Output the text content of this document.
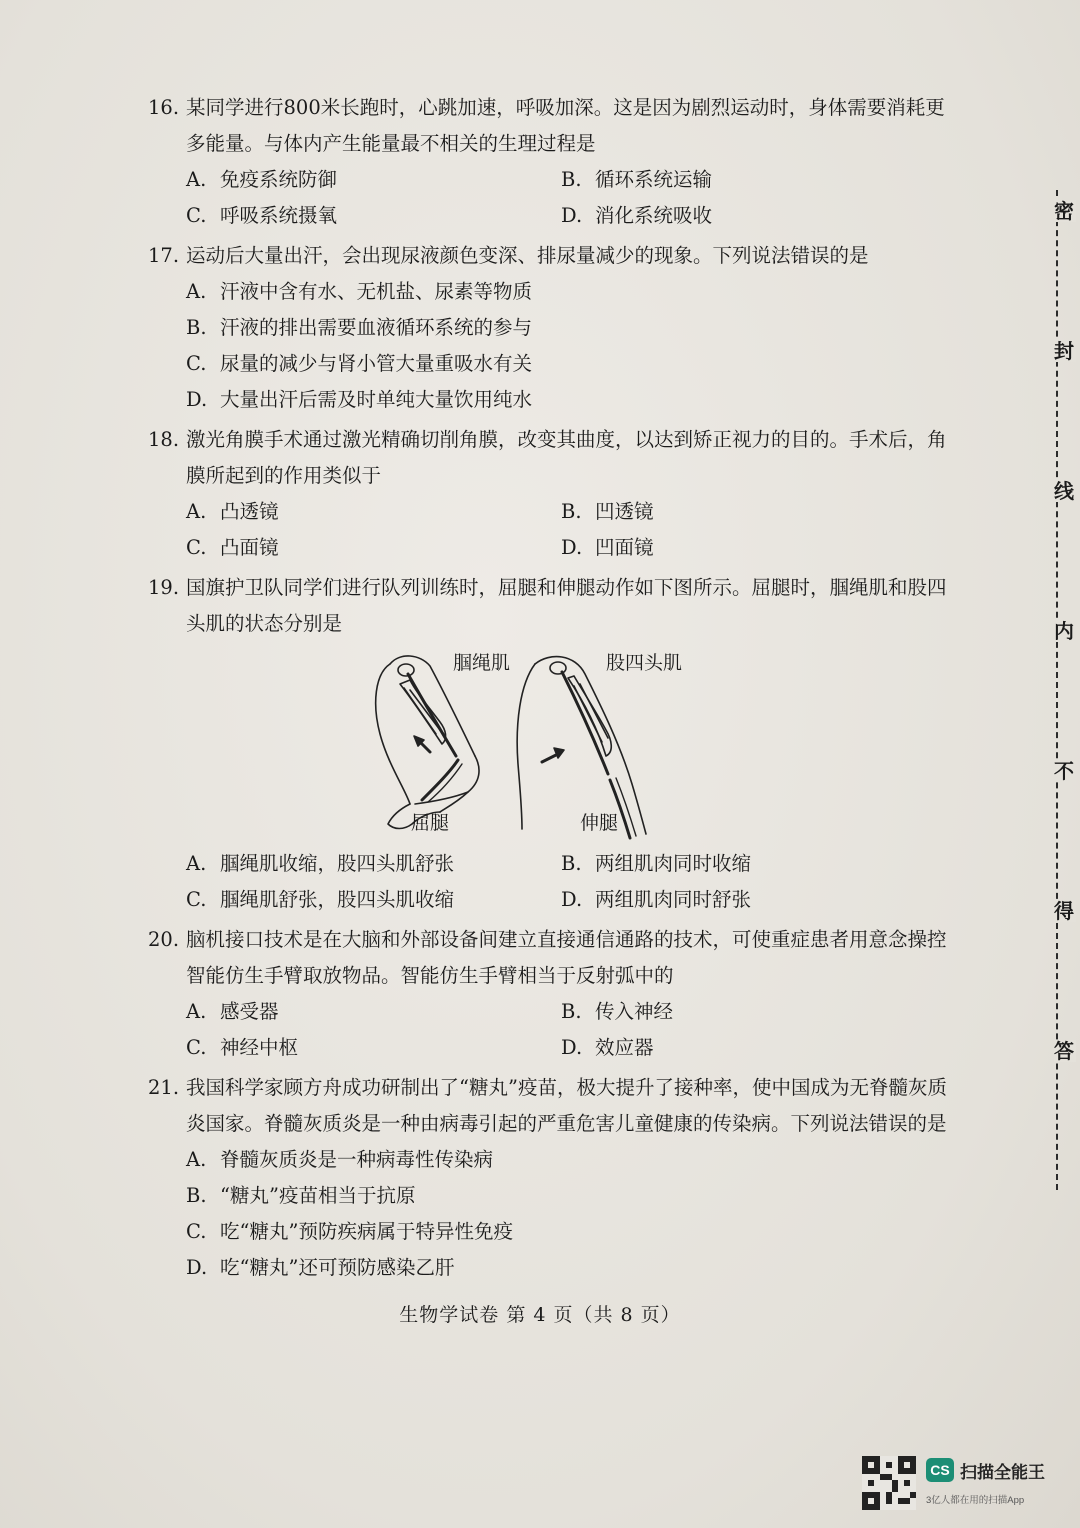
16. 某同学进行800米长跑时，心跳加速，呼吸加深。这是因为剧烈运动时，身体需要消耗更多能量。与体内产生能量最不相关的生理过程是
A. 免疫系统防御	B. 循环系统运输
C. 呼吸系统摄氧	D. 消化系统吸收
17. 运动后大量出汗，会出现尿液颜色变深、排尿量减少的现象。下列说法错误的是
A. 汗液中含有水、无机盐、尿素等物质
B. 汗液的排出需要血液循环系统的参与
C. 尿量的减少与肾小管大量重吸水有关
D. 大量出汗后需及时单纯大量饮用纯水
18. 激光角膜手术通过激光精确切削角膜，改变其曲度，以达到矫正视力的目的。手术后，角膜所起到的作用类似于
A. 凸透镜	B. 凹透镜
C. 凸面镜	D. 凹面镜
19. 国旗护卫队同学们进行队列训练时，屈腿和伸腿动作如下图所示。屈腿时，腘绳肌和股四头肌的状态分别是
腘绳肌	股四头肌
屈腿	伸腿
A. 腘绳肌收缩，股四头肌舒张	B. 两组肌肉同时收缩
C. 腘绳肌舒张，股四头肌收缩	D. 两组肌肉同时舒张
20. 脑机接口技术是在大脑和外部设备间建立直接通信通路的技术，可使重症患者用意念操控智能仿生手臂取放物品。智能仿生手臂相当于反射弧中的
A. 感受器	B. 传入神经
C. 神经中枢	D. 效应器
21. 我国科学家顾方舟成功研制出了“糖丸”疫苗，极大提升了接种率，使中国成为无脊髓灰质炎国家。脊髓灰质炎是一种由病毒引起的严重危害儿童健康的传染病。下列说法错误的是
A. 脊髓灰质炎是一种病毒性传染病
B. “糖丸”疫苗相当于抗原
C. 吃“糖丸”预防疾病属于特异性免疫
D. 吃“糖丸”还可预防感染乙肝
生物学试卷 第 4 页（共 8 页）
密
封
线
内
不
得
答
CS 扫描全能王
3亿人都在用的扫描App
